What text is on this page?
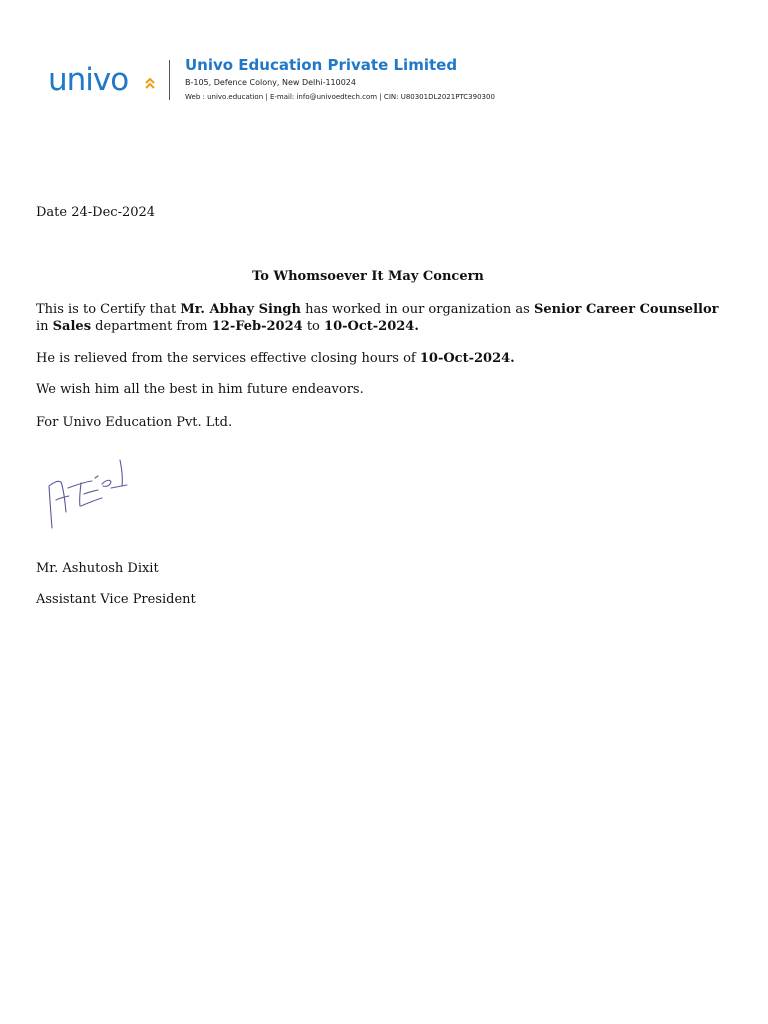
univo	Univo Education Private Limited
B-105, Defence Colony, New Delhi-110024
Web : univo.education | E-mail: info@univoedtech.com | CIN: U80301DL2021PTC390300
Date 24-Dec-2024
To Whomsoever It May Concern
This is to Certify that Mr. Abhay Singh has worked in our organization as Senior Career Counsellor
in Sales department from 12-Feb-2024 to 10-Oct-2024.
He is relieved from the services effective closing hours of 10-Oct-2024.
We wish him all the best in him future endeavors.
For Univo Education Pvt. Ltd.
Mr. Ashutosh Dixit
Assistant Vice President
